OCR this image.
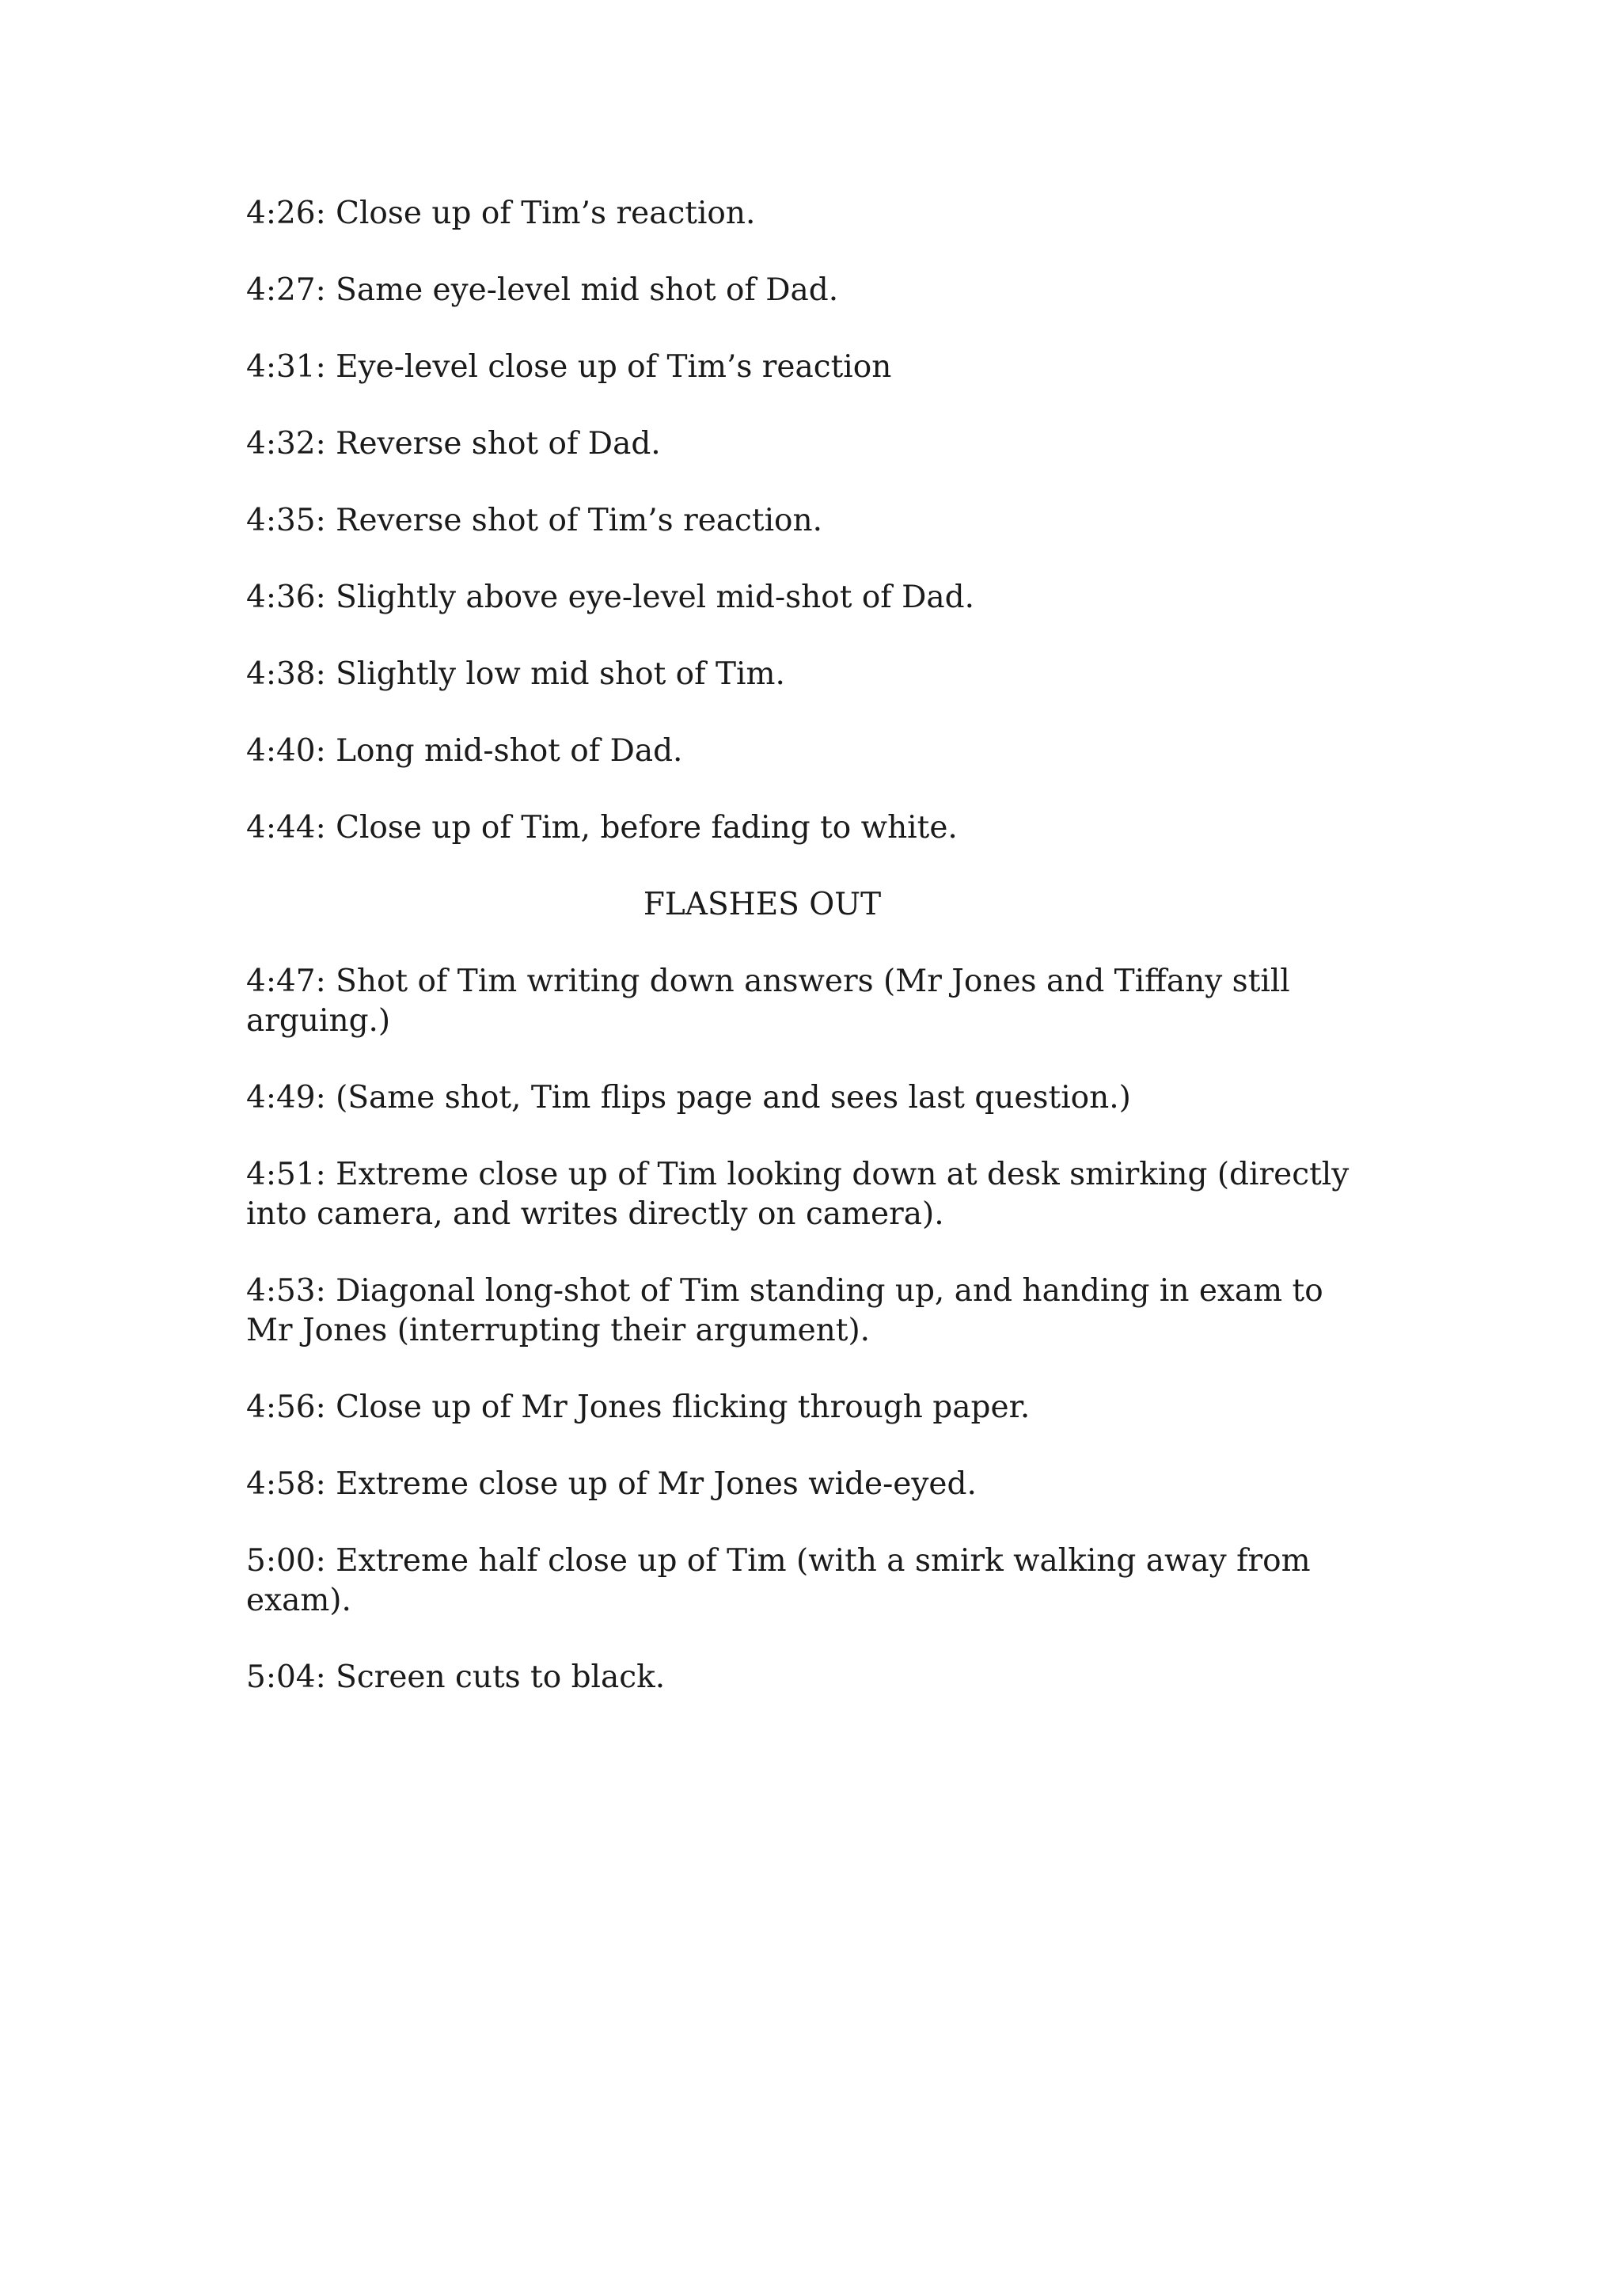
4:26: Close up of Tim’s reaction.

4:27: Same eye-level mid shot of Dad.

4:31: Eye-level close up of Tim’s reaction

4:32: Reverse shot of Dad.

4:35: Reverse shot of Tim’s reaction.

4:36: Slightly above eye-level mid-shot of Dad.

4:38: Slightly low mid shot of Tim.

4:40: Long mid-shot of Dad.

4:44: Close up of Tim, before fading to white.

FLASHES OUT

4:47: Shot of Tim writing down answers (Mr Jones and Tiffany still arguing.)

4:49: (Same shot, Tim flips page and sees last question.)

4:51: Extreme close up of Tim looking down at desk smirking (directly into camera, and writes directly on camera).

4:53: Diagonal long-shot of Tim standing up, and handing in exam to Mr Jones (interrupting their argument).

4:56: Close up of Mr Jones flicking through paper.

4:58: Extreme close up of Mr Jones wide-eyed.

5:00: Extreme half close up of Tim (with a smirk walking away from exam).

5:04: Screen cuts to black.
